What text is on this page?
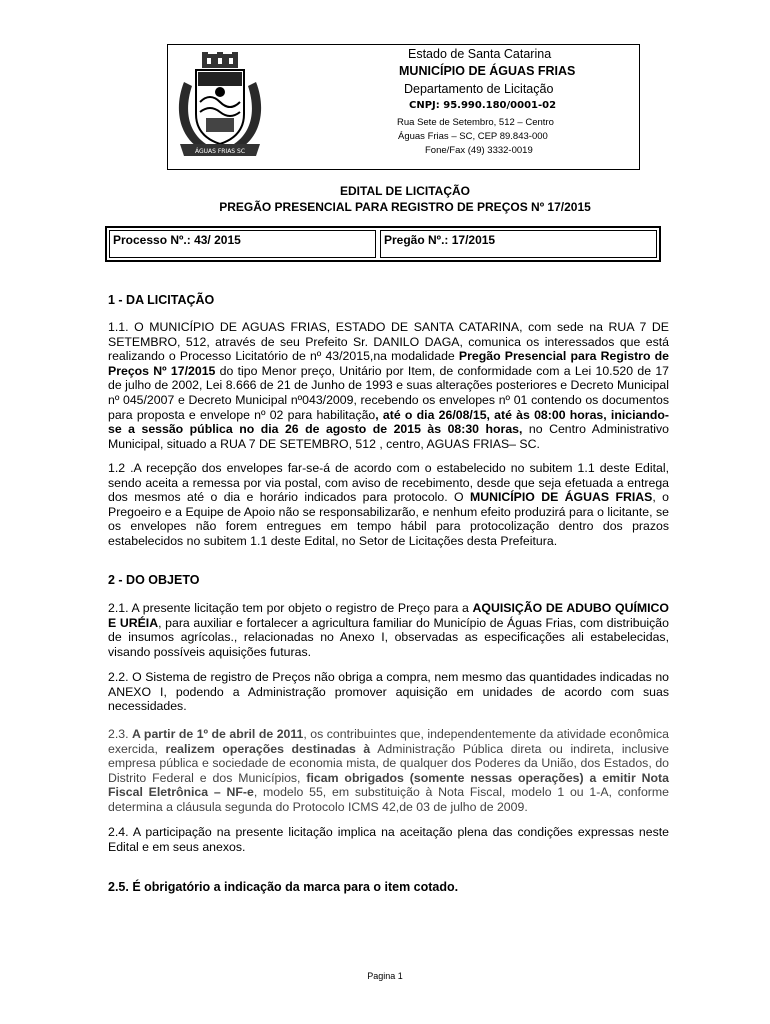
ÁGUAS FRIAS SC
Estado de Santa Catarina
MUNICÍPIO DE ÁGUAS FRIAS
Departamento de Licitação
CNPJ: 95.990.180/0001-02
Rua Sete de Setembro, 512 – Centro
Águas Frias – SC, CEP 89.843-000
Fone/Fax (49) 3332-0019
EDITAL DE LICITAÇÃO
PREGÃO PRESENCIAL PARA REGISTRO DE PREÇOS Nº 17/2015
Processo Nº.: 43/ 2015	Pregão Nº.: 17/2015
1 - DA LICITAÇÃO
1.1. O MUNICÍPIO DE AGUAS FRIAS, ESTADO DE SANTA CATARINA, com sede na RUA 7 DE SETEMBRO, 512, através de seu Prefeito Sr. DANILO DAGA, comunica os interessados que está realizando o Processo Licitatório de nº 43/2015,na modalidade Pregão Presencial para Registro de Preços Nº 17/2015 do tipo Menor preço, Unitário por Item, de conformidade com a Lei 10.520 de 17 de julho de 2002, Lei 8.666 de 21 de Junho de 1993 e suas alterações posteriores e Decreto Municipal nº 045/2007 e Decreto Municipal nº043/2009, recebendo os envelopes nº 01 contendo os documentos para proposta e envelope nº 02 para habilitação, até o dia 26/08/15, até às 08:00 horas, iniciando-se a sessão pública no dia 26 de agosto de 2015 às 08:30 horas, no Centro Administrativo Municipal, situado a RUA 7 DE SETEMBRO, 512 , centro, AGUAS FRIAS– SC.
1.2 .A recepção dos envelopes far-se-á de acordo com o estabelecido no subitem 1.1 deste Edital, sendo aceita a remessa por via postal, com aviso de recebimento, desde que seja efetuada a entrega dos mesmos até o dia e horário indicados para protocolo. O MUNICÍPIO DE ÁGUAS FRIAS, o Pregoeiro e a Equipe de Apoio não se responsabilizarão, e nenhum efeito produzirá para o licitante, se os envelopes não forem entregues em tempo hábil para protocolização dentro dos prazos estabelecidos no subitem 1.1 deste Edital, no Setor de Licitações desta Prefeitura.
2 - DO OBJETO
2.1. A presente licitação tem por objeto o registro de Preço para a AQUISIÇÃO DE ADUBO QUÍMICO E URÉIA, para auxiliar e fortalecer a agricultura familiar do Município de Águas Frias, com distribuição de insumos agrícolas., relacionadas no Anexo I, observadas as especificações ali estabelecidas, visando possíveis aquisições futuras.
2.2. O Sistema de registro de Preços não obriga a compra, nem mesmo das quantidades indicadas no ANEXO I, podendo a Administração promover aquisição em unidades de acordo com suas necessidades.
2.3. A partir de 1º de abril de 2011, os contribuintes que, independentemente da atividade econômica exercida, realizem operações destinadas à Administração Pública direta ou indireta, inclusive empresa pública e sociedade de economia mista, de qualquer dos Poderes da União, dos Estados, do Distrito Federal e dos Municípios, ficam obrigados (somente nessas operações) a emitir Nota Fiscal Eletrônica – NF-e, modelo 55, em substituição à Nota Fiscal, modelo 1 ou 1-A, conforme determina a cláusula segunda do Protocolo ICMS 42,de 03 de julho de 2009.
2.4. A participação na presente licitação implica na aceitação plena das condições expressas neste Edital e em seus anexos.
2.5. É obrigatório a indicação da marca para o item cotado.
Pagina 1
